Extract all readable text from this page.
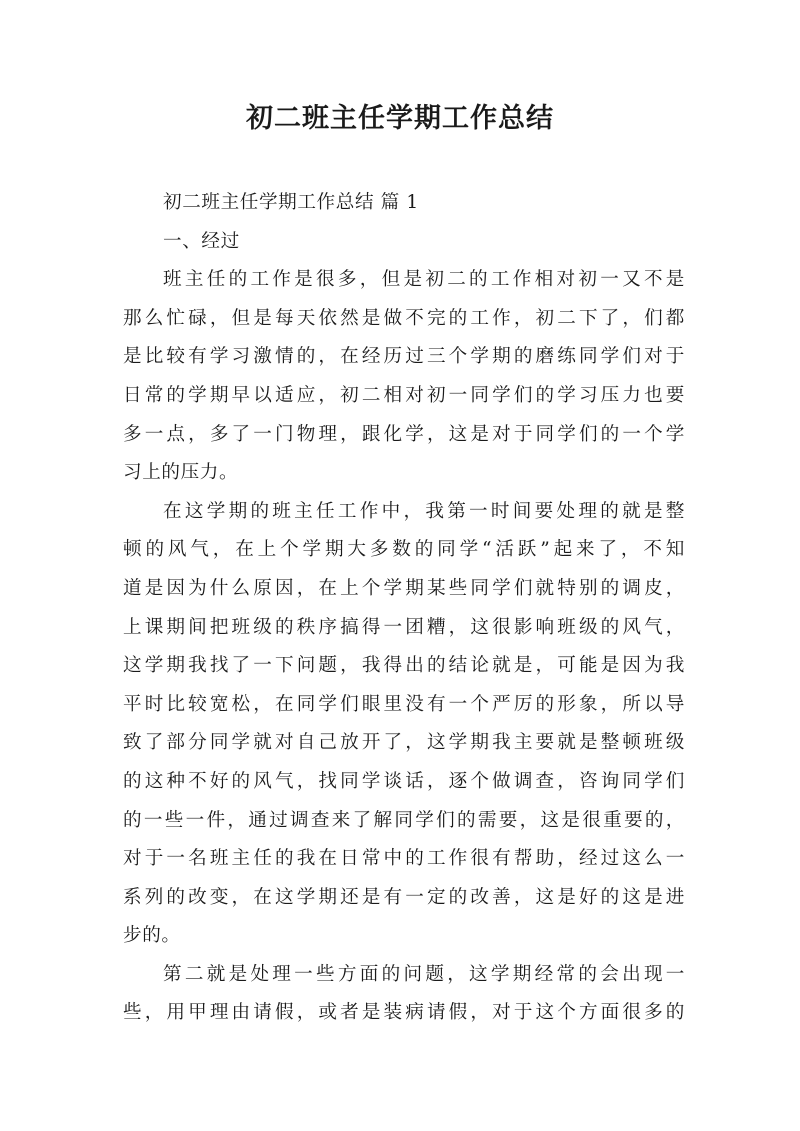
初二班主任学期工作总结
初二班主任学期工作总结 篇 1
一、经过
班主任的工作是很多，但是初二的工作相对初一又不是
那么忙碌，但是每天依然是做不完的工作，初二下了，们都
是比较有学习激情的，在经历过三个学期的磨练同学们对于
日常的学期早以适应，初二相对初一同学们的学习压力也要
多一点，多了一门物理，跟化学，这是对于同学们的一个学
习上的压力。
在这学期的班主任工作中，我第一时间要处理的就是整
顿的风气，在上个学期大多数的同学“活跃”起来了，不知
道是因为什么原因，在上个学期某些同学们就特别的调皮，
上课期间把班级的秩序搞得一团糟，这很影响班级的风气，
这学期我找了一下问题，我得出的结论就是，可能是因为我
平时比较宽松，在同学们眼里没有一个严厉的形象，所以导
致了部分同学就对自己放开了，这学期我主要就是整顿班级
的这种不好的风气，找同学谈话，逐个做调查，咨询同学们
的一些一件，通过调查来了解同学们的需要，这是很重要的，
对于一名班主任的我在日常中的工作很有帮助，经过这么一
系列的改变，在这学期还是有一定的改善，这是好的这是进
步的。
第二就是处理一些方面的问题，这学期经常的会出现一
些，用甲理由请假，或者是装病请假，对于这个方面很多的
